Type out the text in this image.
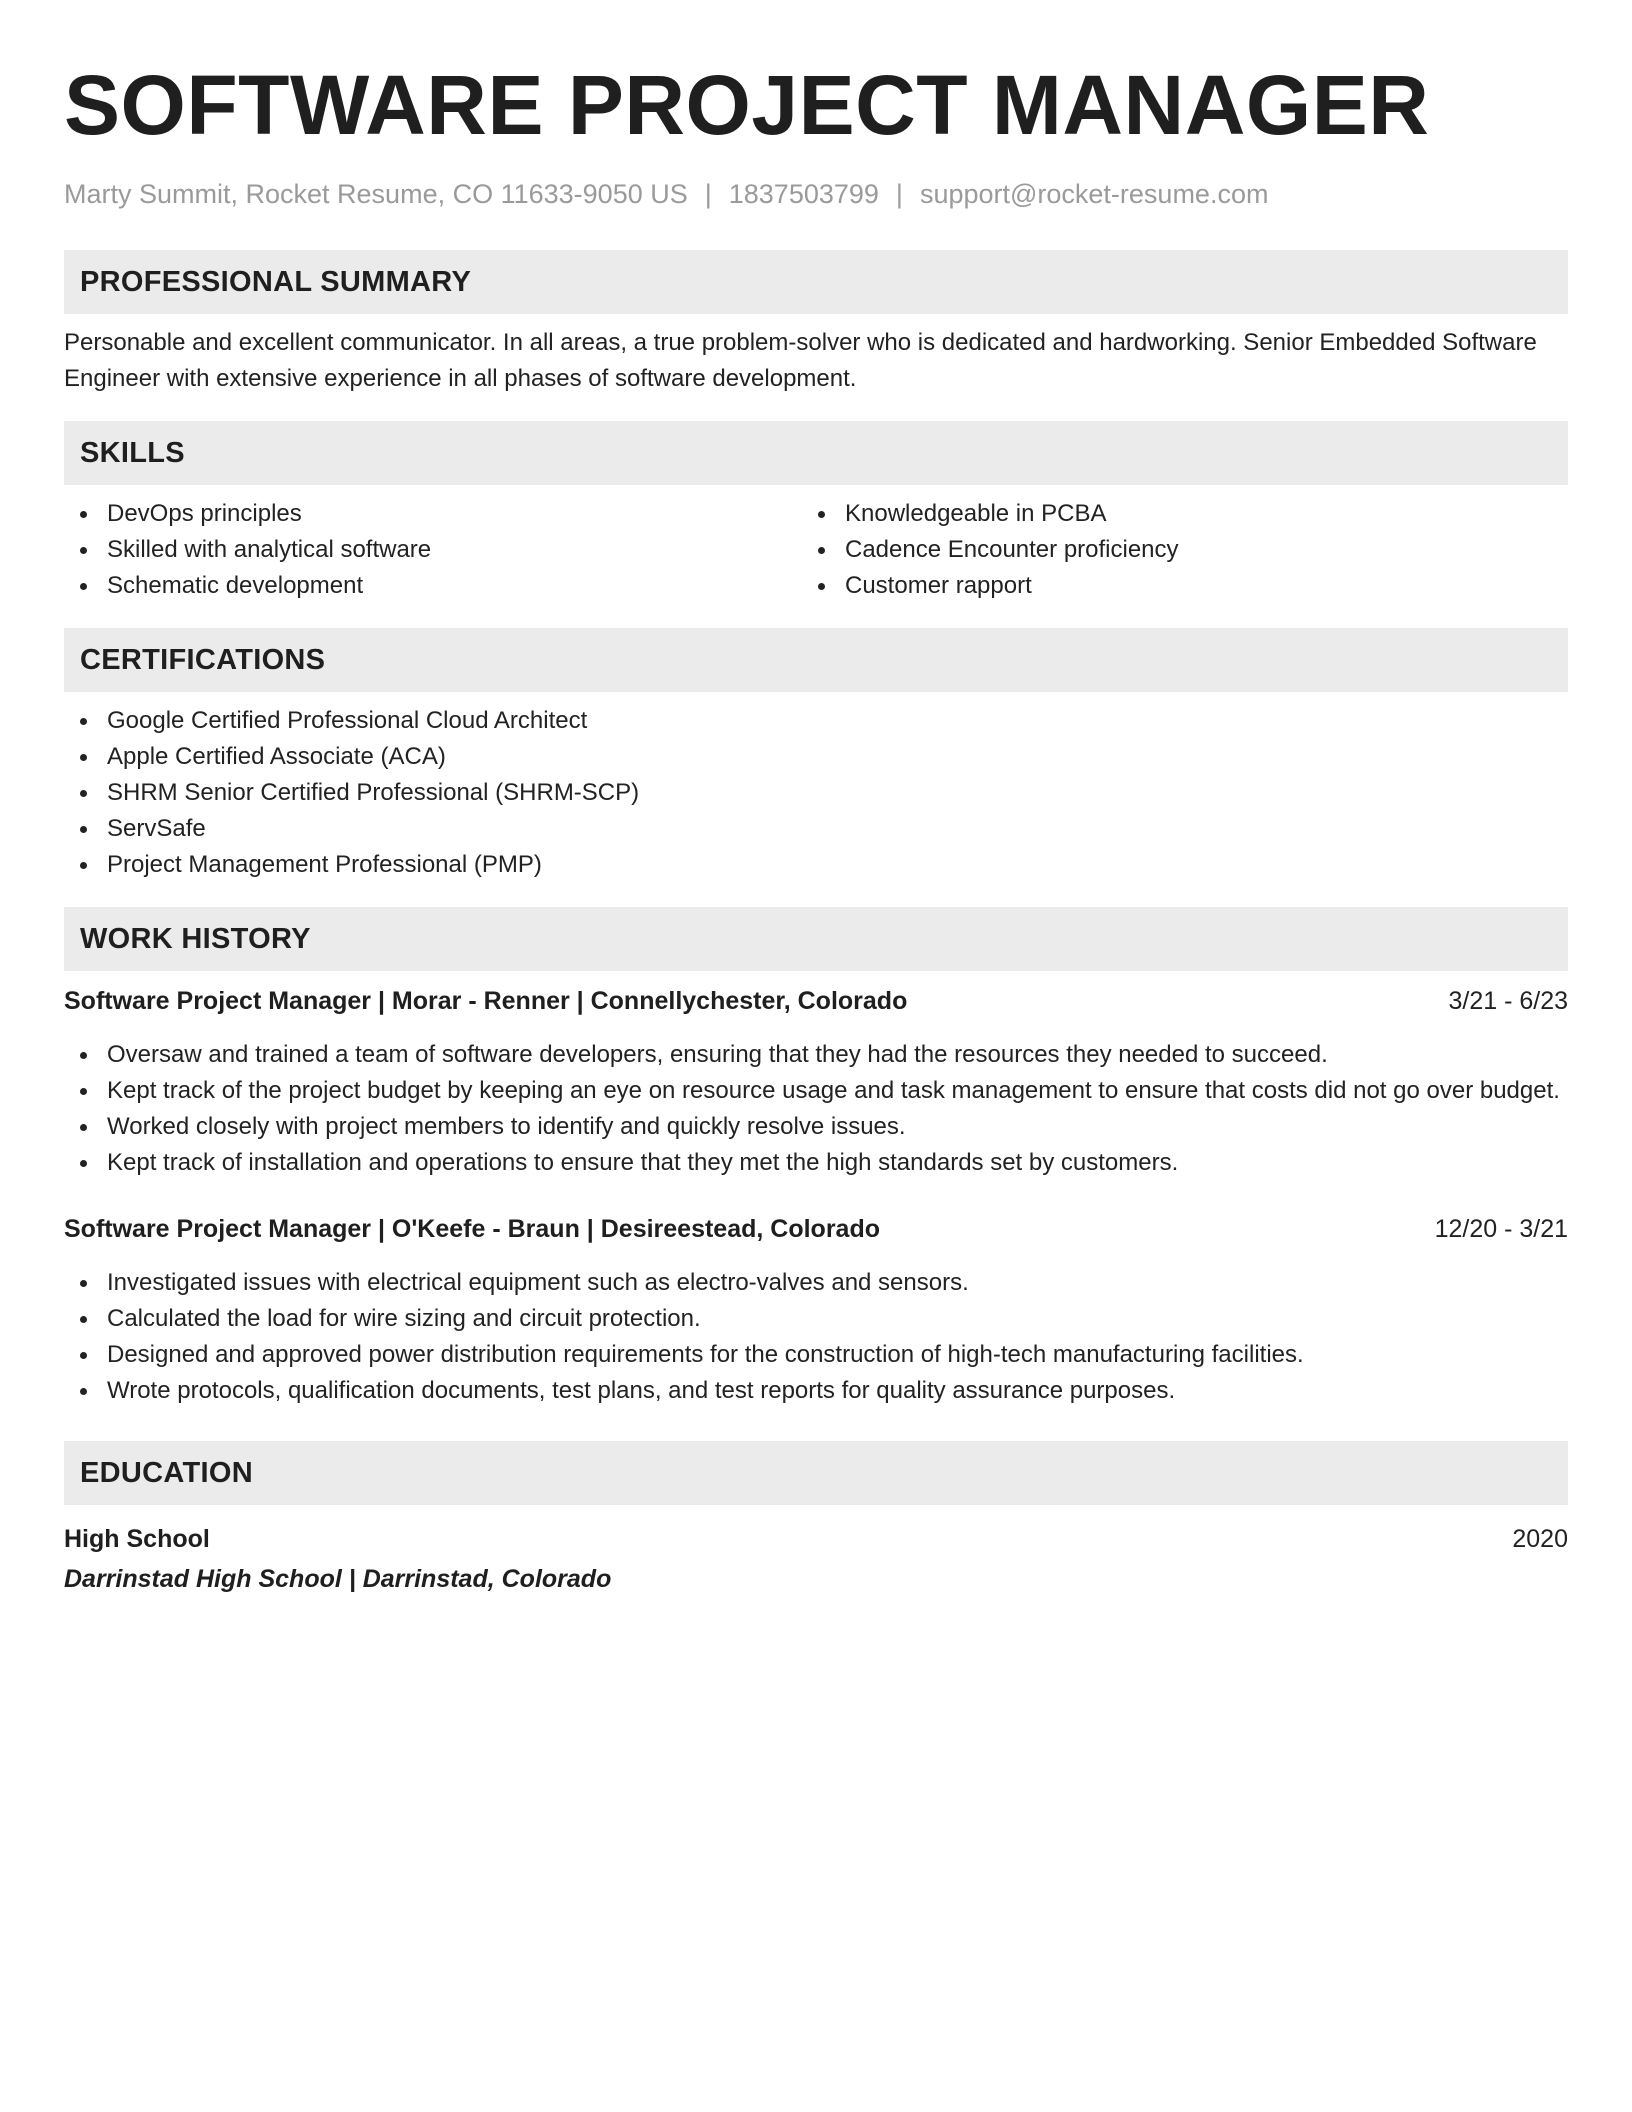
SOFTWARE PROJECT MANAGER
Marty Summit, Rocket Resume, CO 11633-9050 US | 1837503799 | support@rocket-resume.com
PROFESSIONAL SUMMARY
Personable and excellent communicator. In all areas, a true problem-solver who is dedicated and hardworking. Senior Embedded Software Engineer with extensive experience in all phases of software development.
SKILLS
DevOps principles
Skilled with analytical software
Schematic development
Knowledgeable in PCBA
Cadence Encounter proficiency
Customer rapport
CERTIFICATIONS
Google Certified Professional Cloud Architect
Apple Certified Associate (ACA)
SHRM Senior Certified Professional (SHRM-SCP)
ServSafe
Project Management Professional (PMP)
WORK HISTORY
Software Project Manager | Morar - Renner | Connellychester, Colorado	3/21 - 6/23
Oversaw and trained a team of software developers, ensuring that they had the resources they needed to succeed.
Kept track of the project budget by keeping an eye on resource usage and task management to ensure that costs did not go over budget.
Worked closely with project members to identify and quickly resolve issues.
Kept track of installation and operations to ensure that they met the high standards set by customers.
Software Project Manager | O'Keefe - Braun | Desireestead, Colorado	12/20 - 3/21
Investigated issues with electrical equipment such as electro-valves and sensors.
Calculated the load for wire sizing and circuit protection.
Designed and approved power distribution requirements for the construction of high-tech manufacturing facilities.
Wrote protocols, qualification documents, test plans, and test reports for quality assurance purposes.
EDUCATION
High School	2020
Darrinstad High School | Darrinstad, Colorado
